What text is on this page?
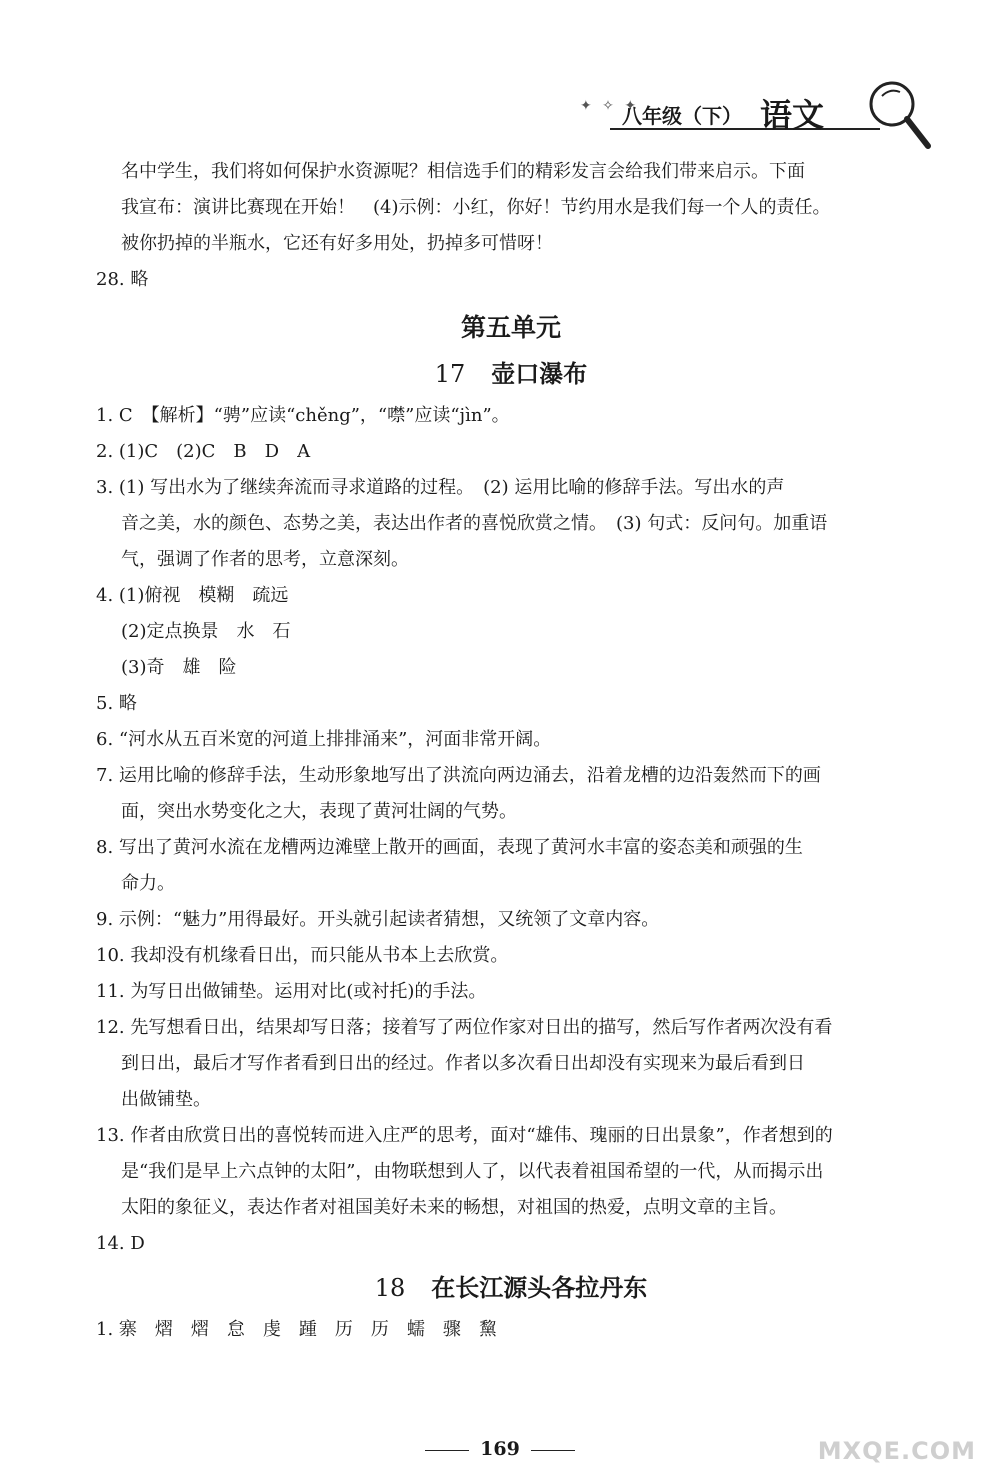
✦ ✧ ✦
八年级（下） 语文

名中学生，我们将如何保护水资源呢？相信选手们的精彩发言会给我们带来启示。下面

我宣布：演讲比赛现在开始！　(4)示例：小红，你好！节约用水是我们每一个人的责任。

被你扔掉的半瓶水，它还有好多用处，扔掉多可惜呀！

28. 略

第五单元

17 壶口瀑布

1. C　【解析】“骋”应读“chěng”，“噤”应读“jìn”。

2. (1)C　(2)C　B　D　A

3. (1) 写出水为了继续奔流而寻求道路的过程。　(2) 运用比喻的修辞手法。写出水的声

音之美，水的颜色、态势之美，表达出作者的喜悦欣赏之情。　(3) 句式：反问句。加重语

气，强调了作者的思考，立意深刻。

4. (1)俯视　模糊　疏远

(2)定点换景　水　石

(3)奇　雄　险

5. 略

6. “河水从五百米宽的河道上排排涌来”，河面非常开阔。

7. 运用比喻的修辞手法，生动形象地写出了洪流向两边涌去，沿着龙槽的边沿轰然而下的画

面，突出水势变化之大，表现了黄河壮阔的气势。

8. 写出了黄河水流在龙槽两边滩壁上散开的画面，表现了黄河水丰富的姿态美和顽强的生

命力。

9. 示例：“魅力”用得最好。开头就引起读者猜想，又统领了文章内容。

10. 我却没有机缘看日出，而只能从书本上去欣赏。

11. 为写日出做铺垫。运用对比(或衬托)的手法。

12. 先写想看日出，结果却写日落；接着写了两位作家对日出的描写，然后写作者两次没有看

到日出，最后才写作者看到日出的经过。作者以多次看日出却没有实现来为最后看到日

出做铺垫。

13. 作者由欣赏日出的喜悦转而进入庄严的思考，面对“雄伟、瑰丽的日出景象”，作者想到的

是“我们是早上六点钟的太阳”，由物联想到人了，以代表着祖国希望的一代，从而揭示出

太阳的象征义，表达作者对祖国美好未来的畅想，对祖国的热爱，点明文章的主旨。

14. D

18 在长江源头各拉丹东

1. 寨　熠　熠　怠　虔　踵　历　历　蠕　骤　黧

169	MXQE.COM
